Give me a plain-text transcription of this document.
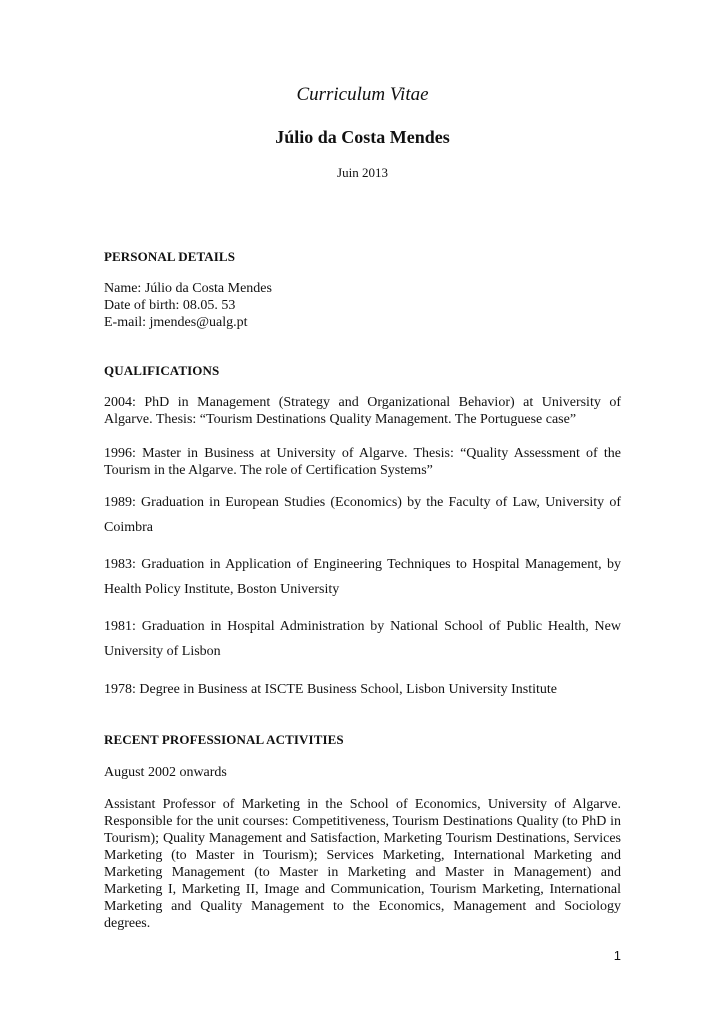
Curriculum Vitae
Júlio da Costa Mendes
Juin 2013
PERSONAL DETAILS
Name: Júlio da Costa Mendes
Date of birth: 08.05. 53
E-mail: jmendes@ualg.pt
QUALIFICATIONS
2004: PhD in Management (Strategy and Organizational Behavior) at University of Algarve. Thesis: “Tourism Destinations Quality Management. The Portuguese case”
1996: Master in Business at University of Algarve. Thesis: “Quality Assessment of the Tourism in the Algarve. The role of Certification Systems”
1989: Graduation in European Studies (Economics) by the Faculty of Law, University of Coimbra
1983: Graduation in Application of Engineering Techniques to Hospital Management, by Health Policy Institute, Boston University
1981: Graduation in Hospital Administration by National School of Public Health, New University of Lisbon
1978: Degree in Business at ISCTE Business School, Lisbon University Institute
RECENT PROFESSIONAL ACTIVITIES
August 2002 onwards
Assistant Professor of Marketing in the School of Economics, University of Algarve. Responsible for the unit courses: Competitiveness, Tourism Destinations Quality (to PhD in Tourism); Quality Management and Satisfaction, Marketing Tourism Destinations, Services Marketing (to Master in Tourism); Services Marketing, International Marketing and Marketing Management (to Master in Marketing and Master in Management) and Marketing I, Marketing II, Image and Communication, Tourism Marketing, International Marketing and Quality Management to the Economics, Management and Sociology degrees.
1
